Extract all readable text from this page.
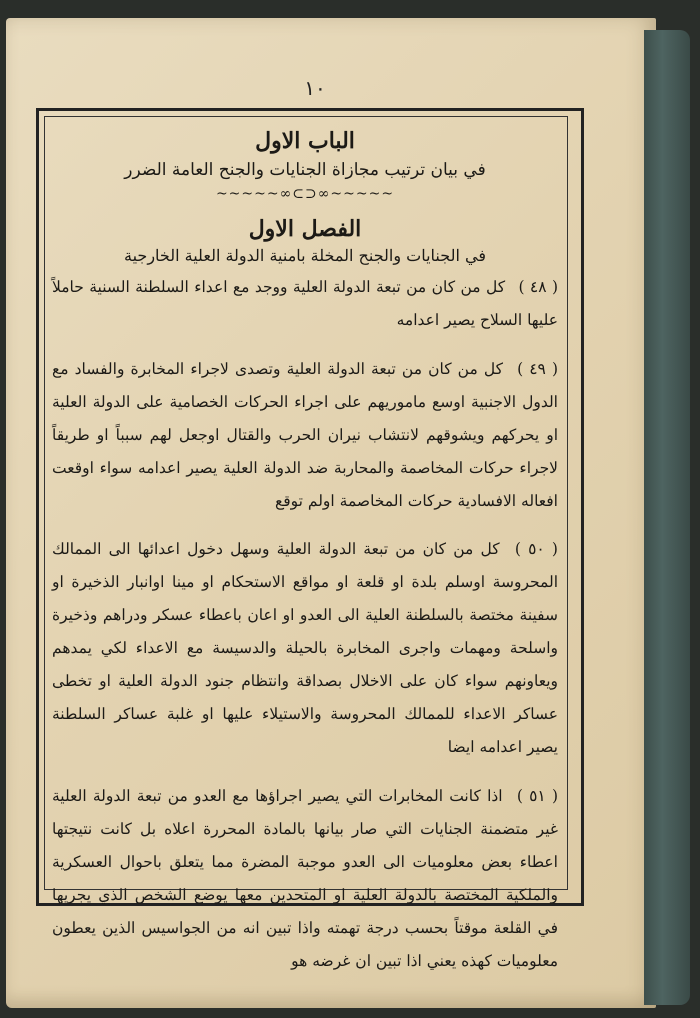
١٠
الباب الاول
في بيان ترتيب مجازاة الجنايات والجنح العامة الضرر
~~~~~∞⊂⊃∞~~~~~
الفصل الاول
في الجنايات والجنح المخلة بامنية الدولة العلية الخارجية

( ٤٨ ) كل من كان من تبعة الدولة العلية ووجد مع اعداء السلطنة السنية حاملاً عليها السلاح يصير اعدامه

( ٤٩ ) كل من كان من تبعة الدولة العلية وتصدى لاجراء المخابرة والفساد مع الدول الاجنبية اوسع ماموريهم على اجراء الحركات الخصامية على الدولة العلية او يحركهم ويشوقهم لانتشاب نيران الحرب والقتال اوجعل لهم سبباً او طريقاً لاجراء حركات المخاصمة والمحاربة ضد الدولة العلية يصير اعدامه سواء اوقعت افعاله الافسادية حركات المخاصمة اولم توقع

( ٥٠ ) كل من كان من تبعة الدولة العلية وسهل دخول اعدائها الى الممالك المحروسة اوسلم بلدة او قلعة او مواقع الاستحكام او مينا اوانبار الذخيرة او سفينة مختصة بالسلطنة العلية الى العدو او اعان باعطاء عسكر ودراهم وذخيرة واسلحة ومهمات واجرى المخابرة بالحيلة والدسيسة مع الاعداء لكي يمدهم ويعاونهم سواء كان على الاخلال بصداقة وانتظام جنود الدولة العلية او تخطى عساكر الاعداء للممالك المحروسة والاستيلاء عليها او غلبة عساكر السلطنة يصير اعدامه ايضا

( ٥١ ) اذا كانت المخابرات التي يصير اجراؤها مع العدو من تبعة الدولة العلية غير متضمنة الجنايات التي صار بيانها بالمادة المحررة اعلاه بل كانت نتيجتها اعطاء بعض معلوميات الى العدو موجبة المضرة مما يتعلق باحوال العسكرية والملكية المختصة بالدولة العلية او المتحدين معها يوضع الشخص الذي يجريها في القلعة موقتاً بحسب درجة تهمته واذا تبين انه من الجواسيس الذين يعطون معلوميات كهذه يعني اذا تبين ان غرضه هو
